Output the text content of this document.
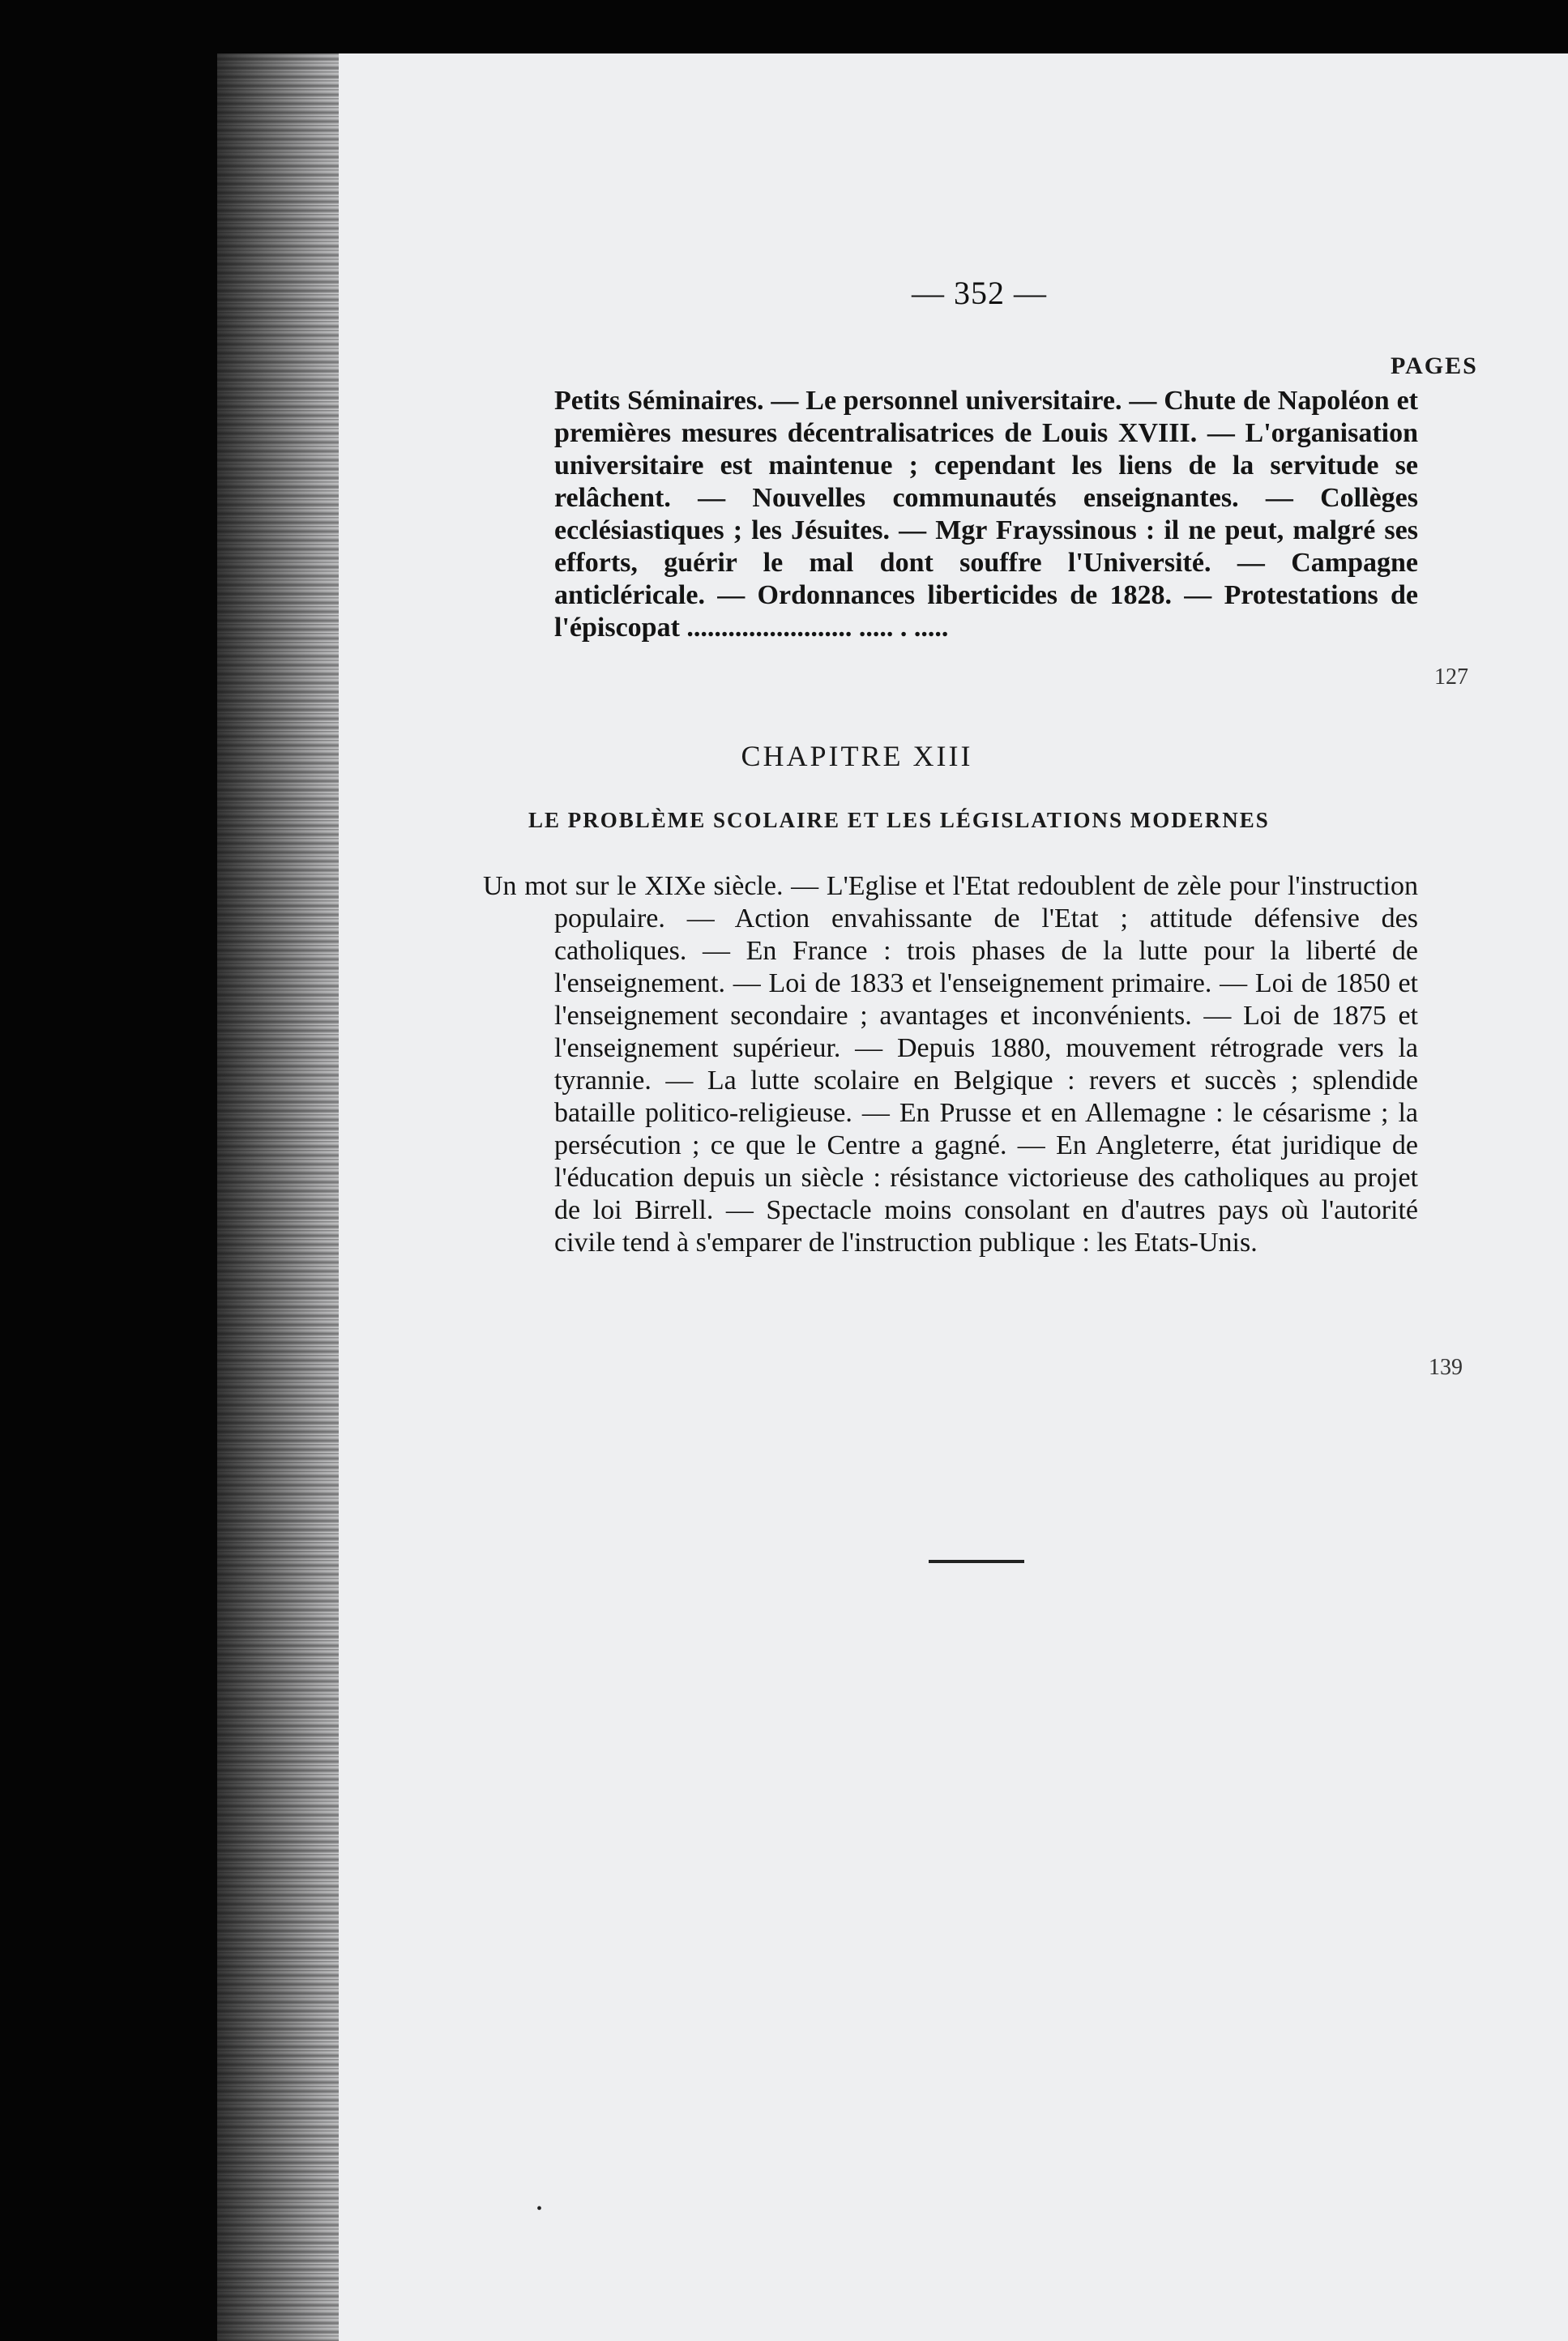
— 352 —
PAGES
Petits Séminaires. — Le personnel universitaire. — Chute de Napoléon et premières mesures décentralisatrices de Louis XVIII. — L'organisation universitaire est maintenue ; cependant les liens de la servitude se relâchent. — Nouvelles communautés enseignantes. — Collèges ecclésiastiques ; les Jésuites. — Mgr Frayssinous : il ne peut, malgré ses efforts, guérir le mal dont souffre l'Université. — Campagne anticléricale. — Ordonnances liberticides de 1828. — Protestations de l'épiscopat ........................ ..... . .....
127
CHAPITRE XIII
LE PROBLÈME SCOLAIRE ET LES LÉGISLATIONS MODERNES
Un mot sur le XIXe siècle. — L'Eglise et l'Etat redoublent de zèle pour l'instruction populaire. — Action envahissante de l'Etat ; attitude défensive des catholiques. — En France : trois phases de la lutte pour la liberté de l'enseignement. — Loi de 1833 et l'enseignement primaire. — Loi de 1850 et l'enseignement secondaire ; avantages et inconvénients. — Loi de 1875 et l'enseignement supérieur. — Depuis 1880, mouvement rétrograde vers la tyrannie. — La lutte scolaire en Belgique : revers et succès ; splendide bataille politico-religieuse. — En Prusse et en Allemagne : le césarisme ; la persécution ; ce que le Centre a gagné. — En Angleterre, état juridique de l'éducation depuis un siècle : résistance victorieuse des catholiques au projet de loi Birrell. — Spectacle moins consolant en d'autres pays où l'autorité civile tend à s'emparer de l'instruction publique : les Etats-Unis.
139
•
